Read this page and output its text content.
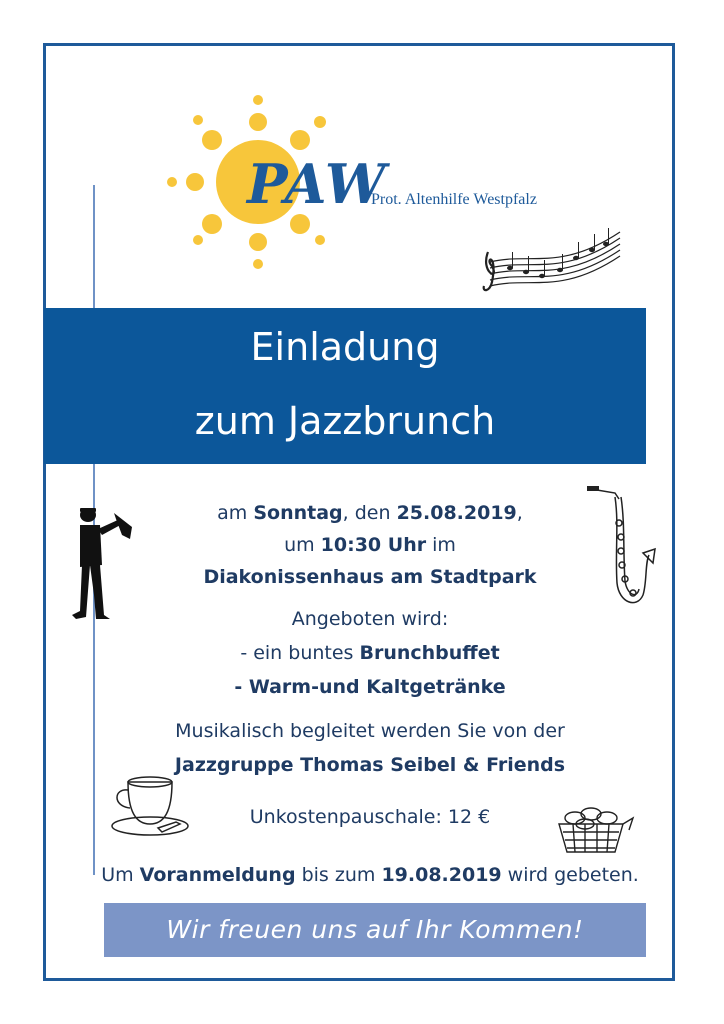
PAW
Prot. Altenhilfe Westpfalz
Einladung
zum Jazzbrunch
am Sonntag, den 25.08.2019,
um 10:30 Uhr im
Diakonissenhaus am Stadtpark
Angeboten wird:
- ein buntes Brunchbuffet
- Warm-und Kaltgetränke
Musikalisch begleitet werden Sie von der
Jazzgruppe Thomas Seibel & Friends
Unkostenpauschale: 12 €
Um Voranmeldung bis zum 19.08.2019 wird gebeten.
Wir freuen uns auf Ihr Kommen!
